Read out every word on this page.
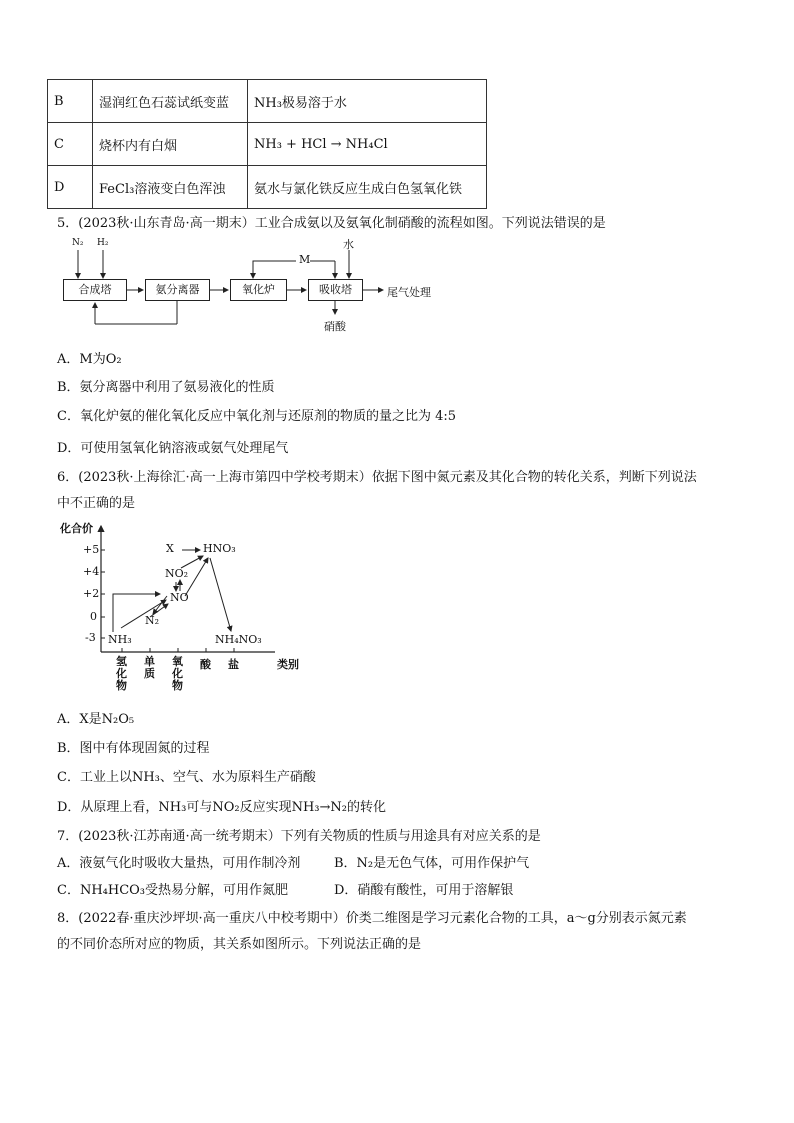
B	湿润红色石蕊试纸变蓝	NH₃极易溶于水
C	烧杯内有白烟	NH₃ + HCl → NH₄Cl
D	FeCl₃溶液变白色浑浊	氨水与氯化铁反应生成白色氢氧化铁
5．(2023秋·山东青岛·高一期末）工业合成氨以及氨氧化制硝酸的流程如图。下列说法错误的是
N₂ H₂
合成塔	氨分离器	氧化炉	吸收塔
M
水
尾气处理
硝酸
A．M为O₂
B．氨分离器中利用了氨易液化的性质
C．氧化炉氨的催化氧化反应中氧化剂与还原剂的物质的量之比为 4:5
D．可使用氢氧化钠溶液或氨气处理尾气
6．(2023秋·上海徐汇·高一上海市第四中学校考期末）依据下图中氮元素及其化合物的转化关系，判断下列说法
中不正确的是
化合价
+5
+4
+2
0
-3
氢化物
单质
氧化物
酸 盐	类别
X	HNO₃
NO₂
NO
N₂
NH₃	NH₄NO₃
A．X是N₂O₅
B．图中有体现固氮的过程
C．工业上以NH₃、空气、水为原料生产硝酸
D．从原理上看，NH₃可与NO₂反应实现NH₃→N₂的转化
7．(2023秋·江苏南通·高一统考期末）下列有关物质的性质与用途具有对应关系的是
A．液氨气化时吸收大量热，可用作制冷剂	B．N₂是无色气体，可用作保护气
C．NH₄HCO₃受热易分解，可用作氮肥	D．硝酸有酸性，可用于溶解银
8．(2022春·重庆沙坪坝·高一重庆八中校考期中）价类二维图是学习元素化合物的工具，a～g分别表示氮元素
的不同价态所对应的物质，其关系如图所示。下列说法正确的是
